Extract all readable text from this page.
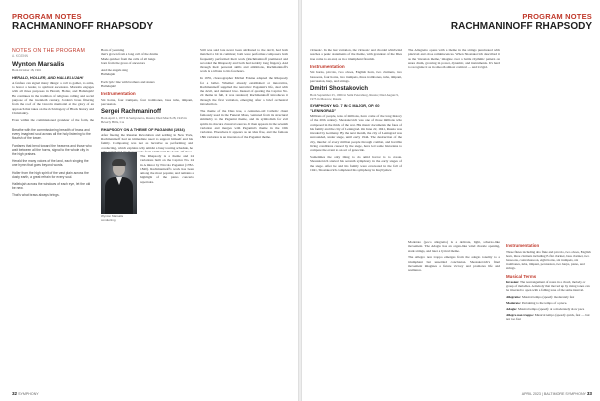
PROGRAM NOTES
RACHMANINOFF RHAPSODY
NOTES ON THE PROGRAM
A. KOZINN
Wynton Marsalis
Born October 18, 1961
HERALD, HOLLER, AND HALLELUJAH!

A fanfare can signal many things: a call to gather, to arms, to honor a leader, to spiritual ascension. Marsalis engages with all three purposes in Herald, Holler, and Hallelujah! He continues in the tradition of religious calling and social purpose of the twentieth century, Jordan's brass filtering from the roof of the Lincoln memorial at the glory of an approach that takes on the rich imagery of Black history and Christianity.

Even within the commissioned grandeur of the form, the

Breathe with the commissioning breadth of brass and every imagined soul across all the holy listening to the flourish of the tower.

Fanfares that bend toward the heavens and those who wait between all the horns, signal to the whole city in the high praises.

Herald the many voices of the land, each singing the one hymn that goes beyond words.

Holler from the high spirit of the vast plain across the dusty earth, a great refrain for every soul.

Hallelujah across the windows of each eye, let the old be new.

That's what brass always brings.

Born of yearning
that's grown from a long call of the drums
Made quicker from the calls of all lungs
born from the grace of ancestors
And the angels sing
Hallelujah
Each lyric line with brothers and sisters
Hallelujah!
Instrumentation

Six horns, four trumpets, four trombones, bass tuba, timpani, percussion.

Sergei Rachmaninoff
Born April 1, 1873 in Semyonovo, Russia; Died March 28, 1943 in Beverly Hills, CA
RHAPSODY ON A THEME OF PAGANINI (1934)

After fleeing the Russian Revolution and settling in New York, Rachmaninoff had an immediate need to support himself and his family. Composing was not as lucrative as performing and conducting, which explains why amidst a busy touring schedule, he

Wynton Marsalis conducting

The Rhapsody is a theme and 24 variations built on the Caprice No. 24 in A minor by Niccolo Paganini (1782-1840). Rachmaninoff's work has been among the most popular, and remains a highlight of the piano concerto repertoire.

Still was said late never been attributed to the devil, had both matched a bit in common; both were performer-composers both frequently performed their work (Rachmaninoff premiered and recorded the Rhapsody and both had notably long fingers). And through their personal skills and ambitions, Rachmaninoff's work is a tribute to his forebears.

In 1955, choreographer Michel Fokine adapted the Rhapsody for a ballet. Whether already established or innovative, Rachmaninoff supplied the narrative: Paganini's life, deal with the devil, and demand love. Instead of quoting the Caprice No. 24 theme in full, it was rendered; Rachmaninoff introduces it through the first variation, emerging after a brief orchestral introduction.

The theme of the Dies irae, a centuries-old Catholic chant famously used in the Funeral Mass, ventured from its structural similarity to the Paganini theme, and its symbolism for evil spirits in obscure classical sources. It then appears in the seventh variation and merges with Paganini's theme in the 10th variation. Elsewhere it appears as an idée fixe, and the famous 18th variation is an inversion of the Paganini theme.

32 SYMPHONY
PROGRAM NOTES
RACHMANINOFF RHAPSODY

virtuosic. In the last variation, the virtuosic and chordal whirlwind reaches a peak: statements of the theme, with grandeur of the Dies irae come to an end, as in a triumphant flourish.

Instrumentation

Six horns, piccolo, two oboes, English horn, two clarinets, two bassoons, four horns, two trumpets, three trombones, tuba, timpani, percussion, harp, and strings.

Dmitri Shostakovich
Born September 25, 1906 in Saint Petersburg, Russia; Died August 9, 1975 in Moscow, Russia
SYMPHONY NO. 7 IN C MAJOR, OP. 60 "LENINGRAD"

Millions of people, tens of millions, have come of the long history of the 20th century. Shostakovich was one of those millions who composed in the thick of the war. His music documents the fates of his family and the city of Leningrad. On June 22, 1941, Russia was invaded by Germany. By the next month, the city of Leningrad was surrounded, under siege, until early 1944. The destruction of the city, murder of every million people through combat, and horrible living conditions caused by the siege, have led some historians to compare the event to an act of genocide.

Sometimes the only thing to do amid horror is to create. Shostakovich started his seventh symphony in the early stages of the siege. After he and his family were evacuated in the fall of 1941, Shostakovich completed his symphony in Kuybyshev.

The Allegretto opens with a theme in the strings punctuated with pizzicati and oboe reminiscences. When Shostakovich described it as the 'invasion theme,' imagine over a battle rhythmic pattern on snare drum, growing in power, dynamic, and instruments. It's hard to recognize it as in smooth almost comical — and it rigid.

Moderato (poco allegretto) is a delicate, light, scherzo-like movement. The Adagio has an organ-like wind chorale opening, stark strings, and later a lyrical theme.

The Allegro non troppo emerges from the adagio tonality to a triumphant but unsettled conclusion. Shostakovich's final movement imagines a future victory and promotes life and resilience.

Instrumentation

Three flutes including alto flute and piccolo, two oboes, English horn, three clarinets including E-flat clarinet, bass clarinet, two bassoons, contrabassoon, eight horns, six trumpets, six trombones, tuba, timpani, percussion, two harps, piano, and strings.

Musical Terms

Invasion: The rearrangement of notes in a chord, melody or group of melodies. A melody that moved up by rising tones can be inverted to open with a falling tone of the same interval.

Allegretto: Musical tempo (speed): moderately fast

Moderato: Pertaining to the tempo of a piece.

Adagio: Musical tempo (speed): at a moderately slow pace

Allegro non troppo: Musical tempo (speed): quick, fast — but not too fast

APRIL 2023 | BALTIMORE SYMPHONY 33
